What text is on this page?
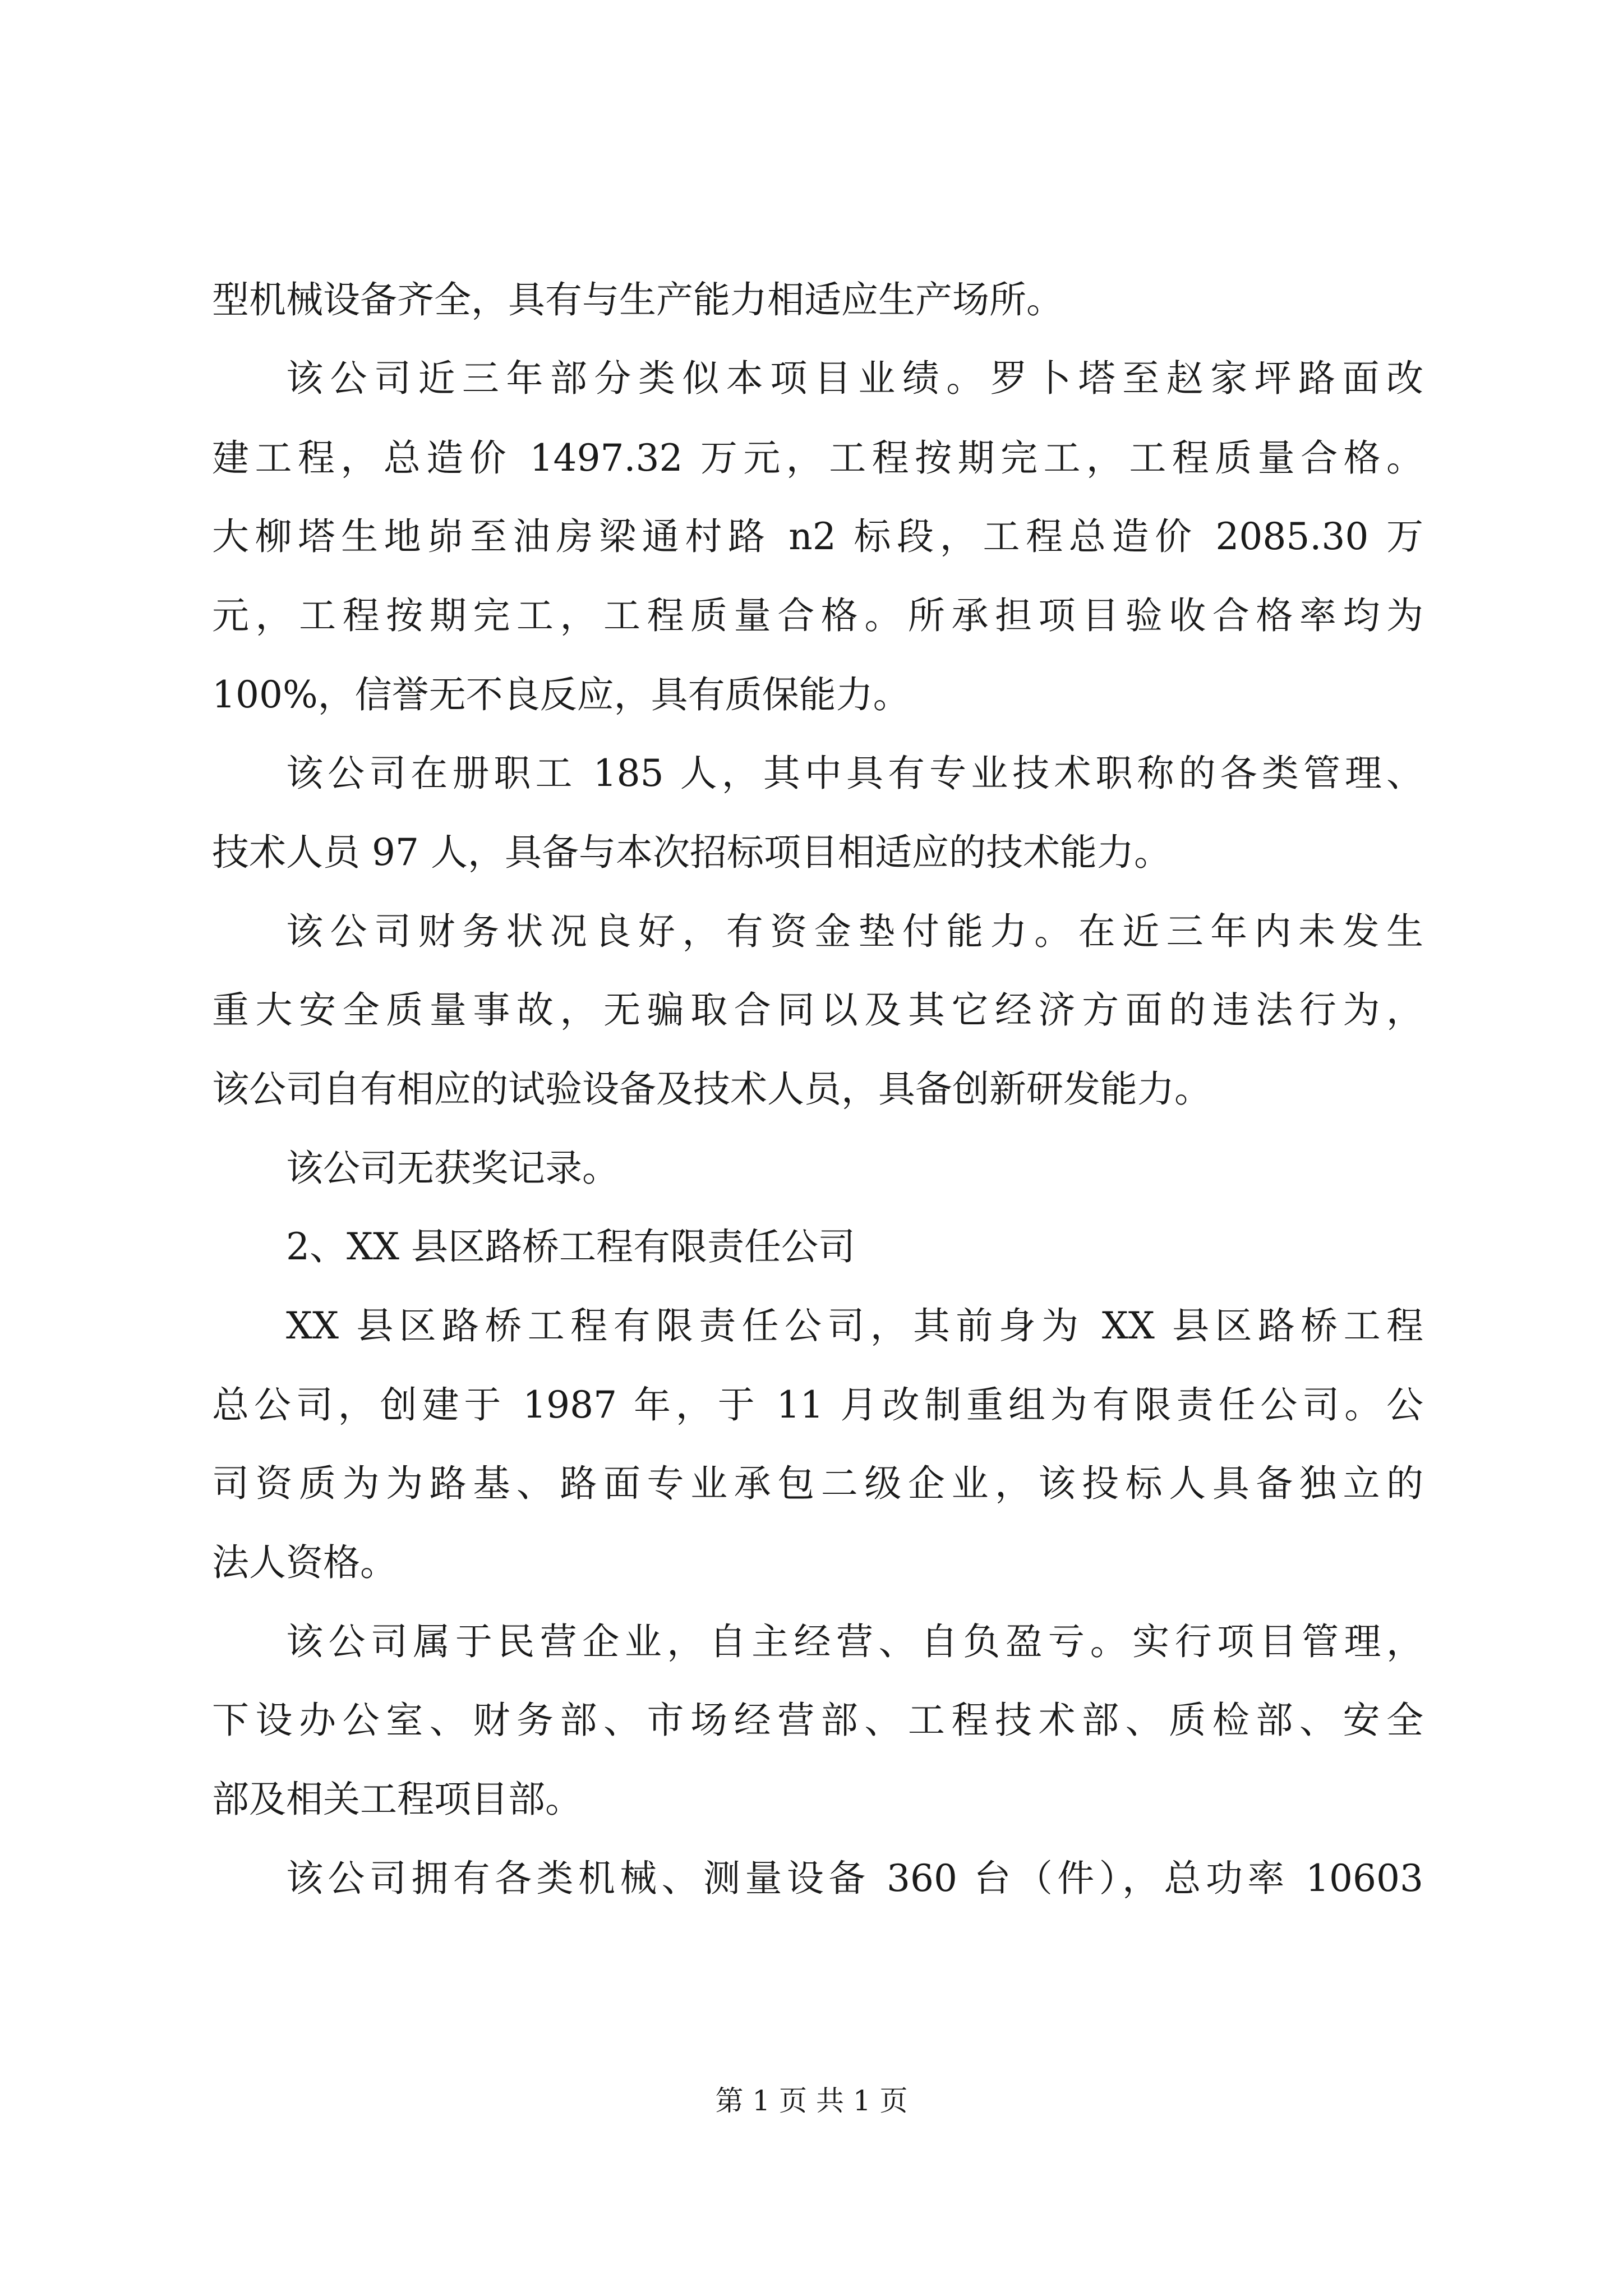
型机械设备齐全，具有与生产能力相适应生产场所。
该公司近三年部分类似本项目业绩。罗卜塔至赵家坪路面改
建工程，总造价 1497.32 万元，工程按期完工，工程质量合格。
大柳塔生地峁至油房梁通村路 n2 标段，工程总造价 2085.30 万
元，工程按期完工，工程质量合格。所承担项目验收合格率均为
100%，信誉无不良反应，具有质保能力。
该公司在册职工 185 人，其中具有专业技术职称的各类管理、
技术人员 97 人，具备与本次招标项目相适应的技术能力。
该公司财务状况良好，有资金垫付能力。在近三年内未发生
重大安全质量事故，无骗取合同以及其它经济方面的违法行为，
该公司自有相应的试验设备及技术人员，具备创新研发能力。
该公司无获奖记录。
2、XX 县区路桥工程有限责任公司
XX 县区路桥工程有限责任公司，其前身为 XX 县区路桥工程
总公司，创建于 1987 年，于 11 月改制重组为有限责任公司。公
司资质为为路基、路面专业承包二级企业，该投标人具备独立的
法人资格。
该公司属于民营企业，自主经营、自负盈亏。实行项目管理，
下设办公室、财务部、市场经营部、工程技术部、质检部、安全
部及相关工程项目部。
该公司拥有各类机械、测量设备 360 台（件），总功率 10603
第 1 页 共 1 页
